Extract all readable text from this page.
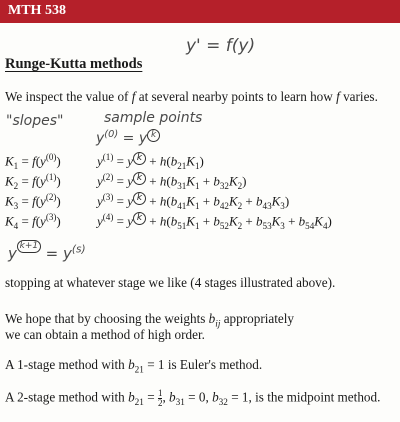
MTH 538
y' = f(y)
Runge-Kutta methods
We inspect the value of f at several nearby points to learn how f varies.
"slopes"	sample points
$y^{(0)} = y$ k
$K_1 = f(y^{(0)})$	$y^{(1)} = y$ $k + h(b_{21}K_1)$
$K_2 = f(y^{(1)})$	$y^{(2)} = y$ $k + h(b_{31}K_1 + b_{32}K_2)$
$K_3 = f(y^{(2)})$	$y^{(3)} = y$ $k + h(b_{41}K_1 + b_{42}K_2 + b_{43}K_3)$
$K_4 = f(y^{(3)})$	$y^{(4)} = y$ $k + h(b_{51}K_1 + b_{52}K_2 + b_{53}K_3 + b_{54}K_4)$
y $^{k+1} = y^{(s)}$
stopping at whatever stage we like (4 stages illustrated above).
We hope that by choosing the weights $b_{ij}$ appropriately
we can obtain a method of high order.
A 1-stage method with $b_{21} = 1$ is Euler's method.
A 2-stage method with $b_{21} = \frac{1}{2}$ , $b_{31} = 0$, $b_{32} = 1$, is the midpoint method.
